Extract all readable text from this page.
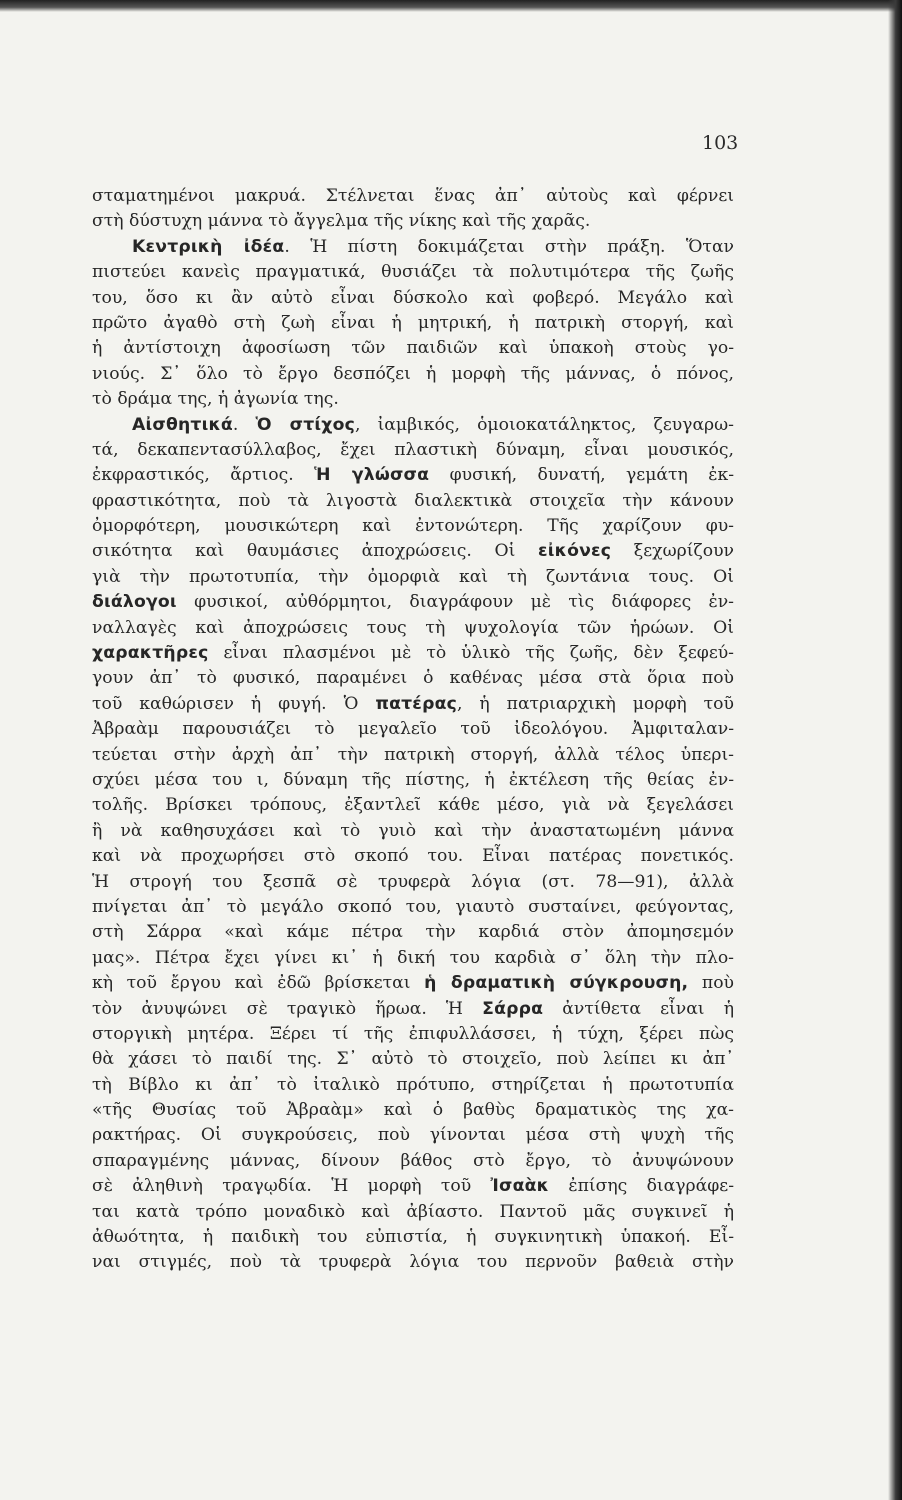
103
σταματημένοι μακρυά. Στέλνεται ἕνας ἀπ᾽ αὐτοὺς καὶ φέρνει
στὴ δύστυχη μάννα τὸ ἄγγελμα τῆς νίκης καὶ τῆς χαρᾶς.
Κεντρικὴ ἰδέα. Ἡ πίστη δοκιμάζεται στὴν πράξη. Ὅταν
πιστεύει κανεὶς πραγματικά, θυσιάζει τὰ πολυτιμότερα τῆς ζωῆς
του, ὅσο κι ἂν αὐτὸ εἶναι δύσκολο καὶ φοβερό. Μεγάλο καὶ
πρῶτο ἀγαθὸ στὴ ζωὴ εἶναι ἡ μητρική, ἡ πατρικὴ στοργή, καὶ
ἡ ἀντίστοιχη ἀφοσίωση τῶν παιδιῶν καὶ ὑπακοὴ στοὺς γο-
νιούς. Σ᾽ ὅλο τὸ ἔργο δεσπόζει ἡ μορφὴ τῆς μάννας, ὁ πόνος,
τὸ δράμα της, ἡ ἀγωνία της.
Αἰσθητικά. Ὁ στίχος, ἰαμβικός, ὁμοιοκατάληκτος, ζευγαρω-
τά, δεκαπεντασύλλαβος, ἔχει πλαστικὴ δύναμη, εἶναι μουσικός,
ἐκφραστικός, ἄρτιος. Ἡ γλώσσα φυσική, δυνατή, γεμάτη ἐκ-
φραστικότητα, ποὺ τὰ λιγοστὰ διαλεκτικὰ στοιχεῖα τὴν κάνουν
ὀμορφότερη, μουσικώτερη καὶ ἐντονώτερη. Τῆς χαρίζουν φυ-
σικότητα καὶ θαυμάσιες ἀποχρώσεις. Οἱ εἰκόνες ξεχωρίζουν
γιὰ τὴν πρωτοτυπία, τὴν ὀμορφιὰ καὶ τὴ ζωντάνια τους. Οἱ
διάλογοι φυσικοί, αὐθόρμητοι, διαγράφουν μὲ τὶς διάφορες ἐν-
ναλλαγὲς καὶ ἀποχρώσεις τους τὴ ψυχολογία τῶν ἡρώων. Οἱ
χαρακτῆρες εἶναι πλασμένοι μὲ τὸ ὑλικὸ τῆς ζωῆς, δὲν ξεφεύ-
γουν ἀπ᾽ τὸ φυσικό, παραμένει ὁ καθένας μέσα στὰ ὅρια ποὺ
τοῦ καθώρισεν ἡ φυγή. Ὁ πατέρας, ἡ πατριαρχικὴ μορφὴ τοῦ
Ἀβραὰμ παρουσιάζει τὸ μεγαλεῖο τοῦ ἰδεολόγου. Ἀμφιταλαν-
τεύεται στὴν ἀρχὴ ἀπ᾽ τὴν πατρικὴ στοργή, ἀλλὰ τέλος ὑπερι-
σχύει μέσα του ι, δύναμη τῆς πίστης, ἡ ἐκτέλεση τῆς θείας ἐν-
τολῆς. Βρίσκει τρόπους, ἐξαντλεῖ κάθε μέσο, γιὰ νὰ ξεγελάσει
ἢ νὰ καθησυχάσει καὶ τὸ γυιὸ καὶ τὴν ἀναστατωμένη μάννα
καὶ νὰ προχωρήσει στὸ σκοπό του. Εἶναι πατέρας πονετικός.
Ἡ στρογή του ξεσπᾶ σὲ τρυφερὰ λόγια (στ. 78—91), ἀλλὰ
πνίγεται ἀπ᾽ τὸ μεγάλο σκοπό του, γιαυτὸ συσταίνει, φεύγοντας,
στὴ Σάρρα «καὶ κάμε πέτρα τὴν καρδιά στὸν ἀπομησεμόν
μας». Πέτρα ἔχει γίνει κι᾽ ἡ δική του καρδιὰ σ᾽ ὅλη τὴν πλο-
κὴ τοῦ ἔργου καὶ ἐδῶ βρίσκεται ἡ δραματικὴ σύγκρουση, ποὺ
τὸν ἀνυψώνει σὲ τραγικὸ ἥρωα. Ἡ Σάρρα ἀντίθετα εἶναι ἡ
στοργικὴ μητέρα. Ξέρει τί τῆς ἐπιφυλλάσσει, ἡ τύχη, ξέρει πὼς
θὰ χάσει τὸ παιδί της. Σ᾽ αὐτὸ τὸ στοιχεῖο, ποὺ λείπει κι ἀπ᾽
τὴ Βίβλο κι ἀπ᾽ τὸ ἰταλικὸ πρότυπο, στηρίζεται ἡ πρωτοτυπία
«τῆς Θυσίας τοῦ Ἀβραὰμ» καὶ ὁ βαθὺς δραματικὸς της χα-
ρακτήρας. Οἱ συγκρούσεις, ποὺ γίνονται μέσα στὴ ψυχὴ τῆς
σπαραγμένης μάννας, δίνουν βάθος στὸ ἔργο, τὸ ἀνυψώνουν
σὲ ἀληθινὴ τραγῳδία. Ἡ μορφὴ τοῦ Ἰσαὰκ ἐπίσης διαγράφε-
ται κατὰ τρόπο μοναδικὸ καὶ ἀβίαστο. Παντοῦ μᾶς συγκινεῖ ἡ
ἀθωότητα, ἡ παιδικὴ του εὐπιστία, ἡ συγκινητικὴ ὑπακοή. Εἶ-
ναι στιγμές, ποὺ τὰ τρυφερὰ λόγια του περνοῦν βαθειὰ στὴν
